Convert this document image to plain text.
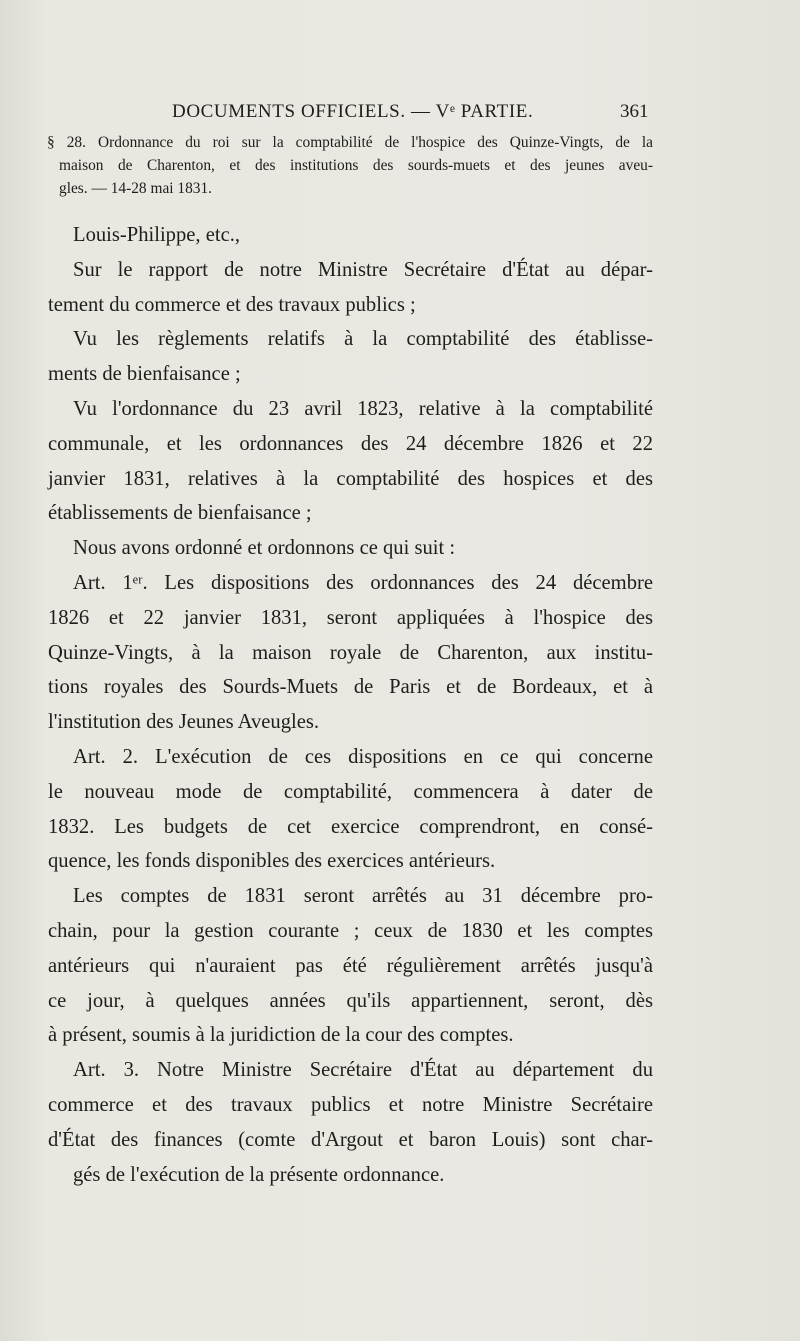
DOCUMENTS OFFICIELS. — Vᵉ PARTIE.	361
§ 28. Ordonnance du roi sur la comptabilité de l'hospice des Quinze-Vingts, de la
maison de Charenton, et des institutions des sourds-muets et des jeunes aveu-
gles. — 14-28 mai 1831.
Louis-Philippe, etc.,
Sur le rapport de notre Ministre Secrétaire d'État au dépar-
tement du commerce et des travaux publics ;
Vu les règlements relatifs à la comptabilité des établisse-
ments de bienfaisance ;
Vu l'ordonnance du 23 avril 1823, relative à la comptabilité
communale, et les ordonnances des 24 décembre 1826 et 22
janvier 1831, relatives à la comptabilité des hospices et des
établissements de bienfaisance ;
Nous avons ordonné et ordonnons ce qui suit :
Art. 1ᵉʳ. Les dispositions des ordonnances des 24 décembre
1826 et 22 janvier 1831, seront appliquées à l'hospice des
Quinze-Vingts, à la maison royale de Charenton, aux institu-
tions royales des Sourds-Muets de Paris et de Bordeaux, et à
l'institution des Jeunes Aveugles.
Art. 2. L'exécution de ces dispositions en ce qui concerne
le nouveau mode de comptabilité, commencera à dater de
1832. Les budgets de cet exercice comprendront, en consé-
quence, les fonds disponibles des exercices antérieurs.
Les comptes de 1831 seront arrêtés au 31 décembre pro-
chain, pour la gestion courante ; ceux de 1830 et les comptes
antérieurs qui n'auraient pas été régulièrement arrêtés jusqu'à
ce jour, à quelques années qu'ils appartiennent, seront, dès
à présent, soumis à la juridiction de la cour des comptes.
Art. 3. Notre Ministre Secrétaire d'État au département du
commerce et des travaux publics et notre Ministre Secrétaire
d'État des finances (comte d'Argout et baron Louis) sont char-
gés de l'exécution de la présente ordonnance.
